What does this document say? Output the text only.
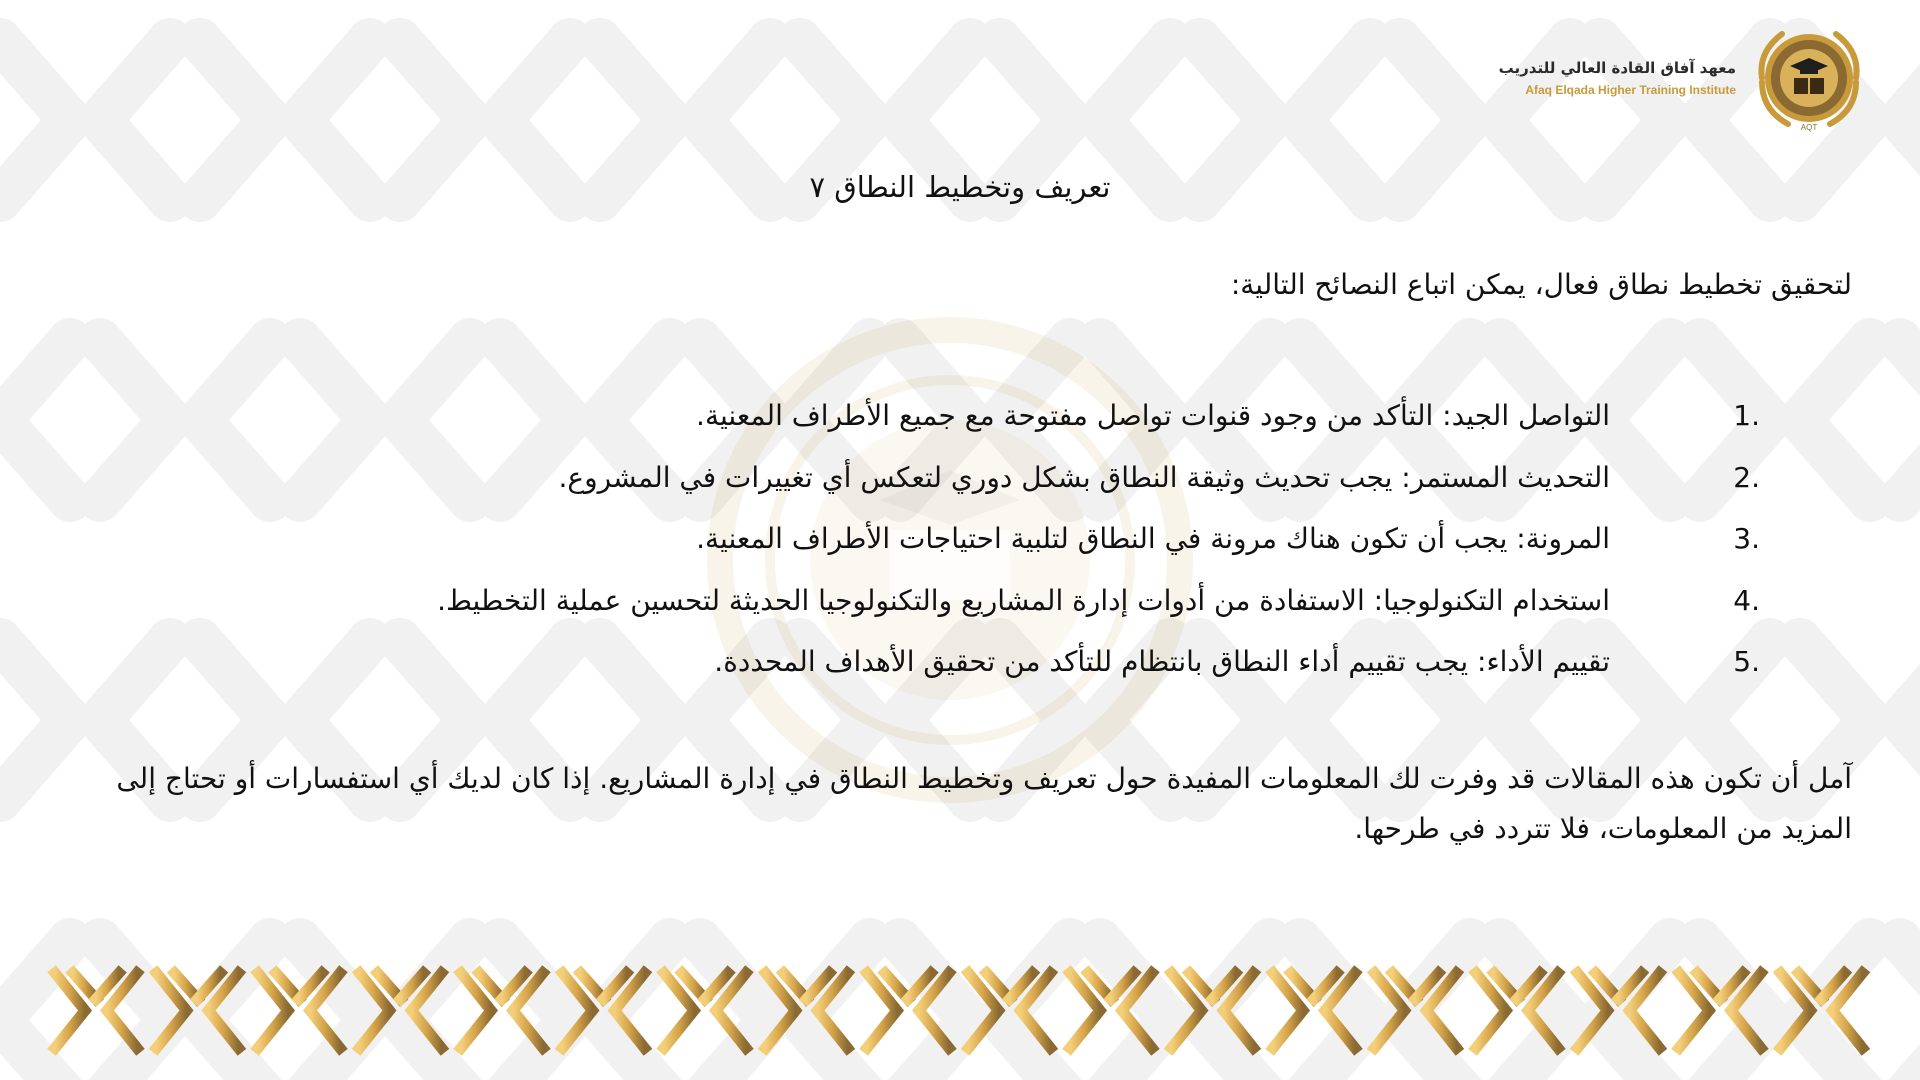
معهد آفاق القادة العالي للتدريب
Afaq Elqada Higher Training Institute
AQT
تعريف وتخطيط النطاق ٧
لتحقيق تخطيط نطاق فعال، يمكن اتباع النصائح التالية:
1.
التواصل الجيد: التأكد من وجود قنوات تواصل مفتوحة مع جميع الأطراف المعنية.
2.
التحديث المستمر: يجب تحديث وثيقة النطاق بشكل دوري لتعكس أي تغييرات في المشروع.
3.
المرونة: يجب أن تكون هناك مرونة في النطاق لتلبية احتياجات الأطراف المعنية.
4.
استخدام التكنولوجيا: الاستفادة من أدوات إدارة المشاريع والتكنولوجيا الحديثة لتحسين عملية التخطيط.
5.
تقييم الأداء: يجب تقييم أداء النطاق بانتظام للتأكد من تحقيق الأهداف المحددة.
آمل أن تكون هذه المقالات قد وفرت لك المعلومات المفيدة حول تعريف وتخطيط النطاق في إدارة المشاريع. إذا كان لديك أي استفسارات أو تحتاج إلى المزيد من المعلومات، فلا تتردد في طرحها.
